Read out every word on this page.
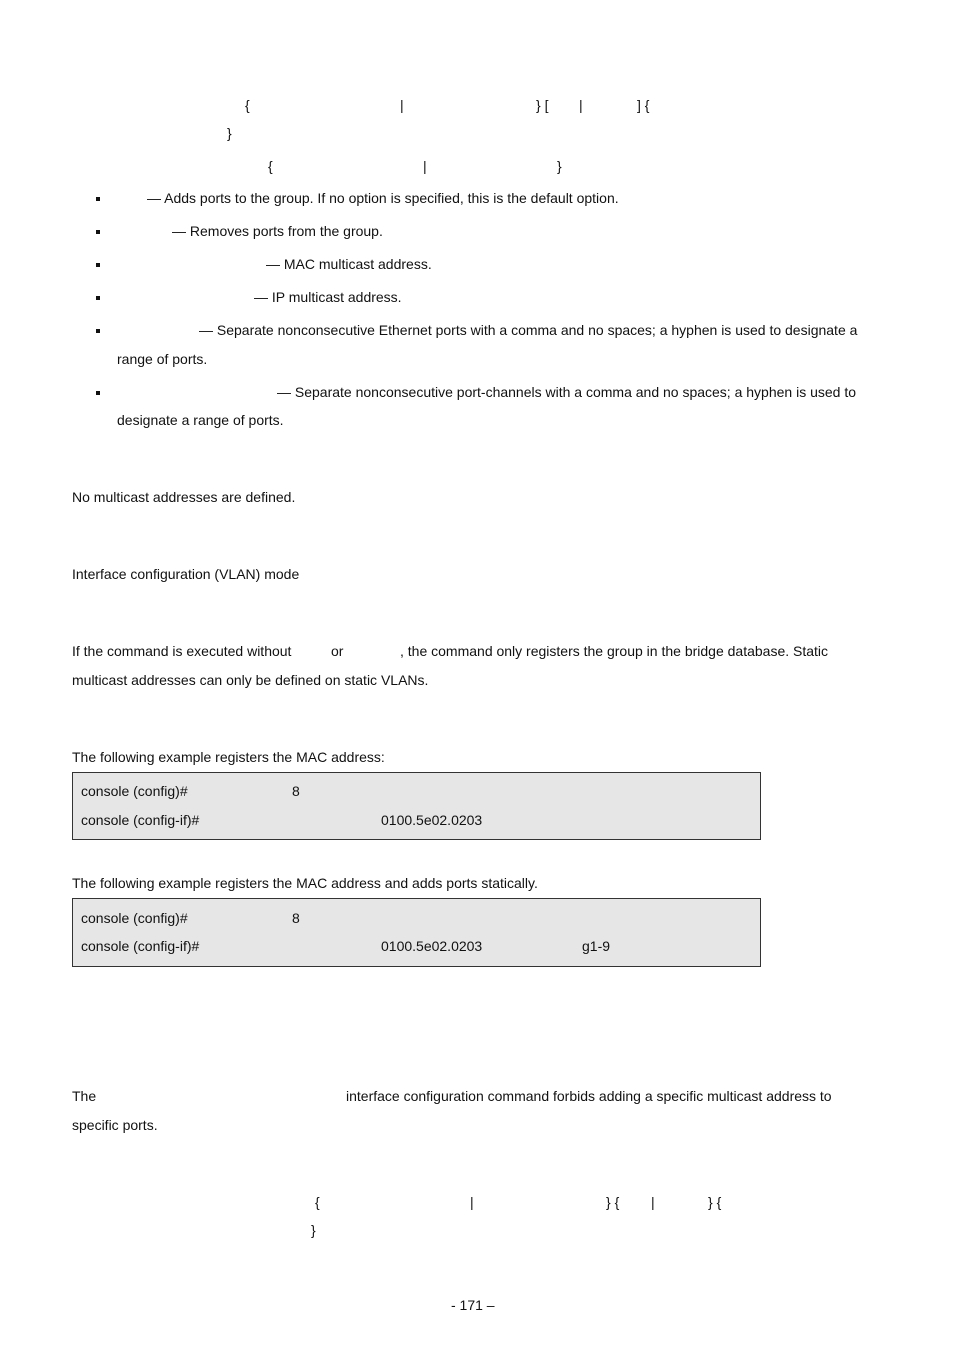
{	|	} [ |	] {
}
{	|	}
— Adds ports to the group. If no option is specified, this is the default option.
— Removes ports from the group.
— MAC multicast address.
— IP multicast address.
— Separate nonconsecutive Ethernet ports with a comma and no spaces; a hyphen is used to designate a
range of ports.
— Separate nonconsecutive port-channels with a comma and no spaces; a hyphen is used to
designate a range of ports.
No multicast addresses are defined.
Interface configuration (VLAN) mode
If the command is executed without	or	, the command only registers the group in the bridge database. Static
multicast addresses can only be defined on static VLANs.
The following example registers the MAC address:
console (config)#	8
console (config-if)#	0100.5e02.0203
The following example registers the MAC address and adds ports statically.
console (config)#	8
console (config-if)#	0100.5e02.0203	g1-9
The	interface configuration command forbids adding a specific multicast address to
specific ports.
{	|	} { |	} {
}
- 171 –
